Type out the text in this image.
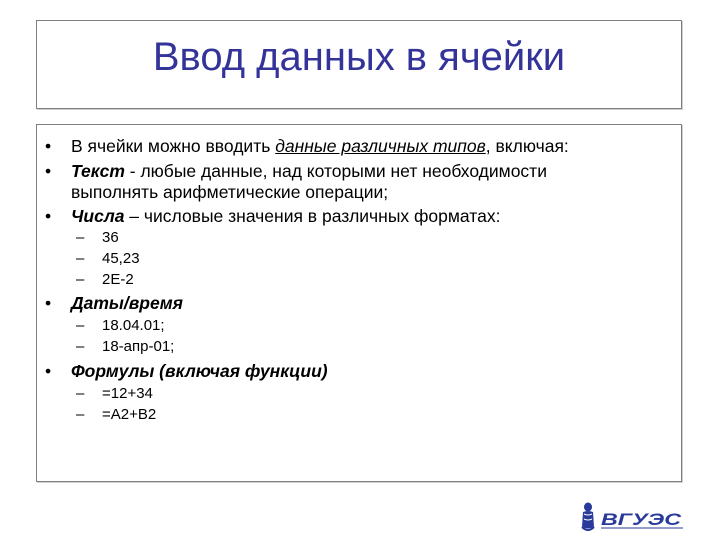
Ввод данных в ячейки
• В ячейки можно вводить данные различных типов, включая:
• Текст - любые данные, над которыми нет необходимости
выполнять арифметические операции;
• Числа – числовые значения в различных форматах:
– 36
– 45,23
– 2E-2
• Даты/время
– 18.04.01;
– 18-апр-01;
• Формулы (включая функции)
– =12+34
– =A2+B2
ВГУЭС
